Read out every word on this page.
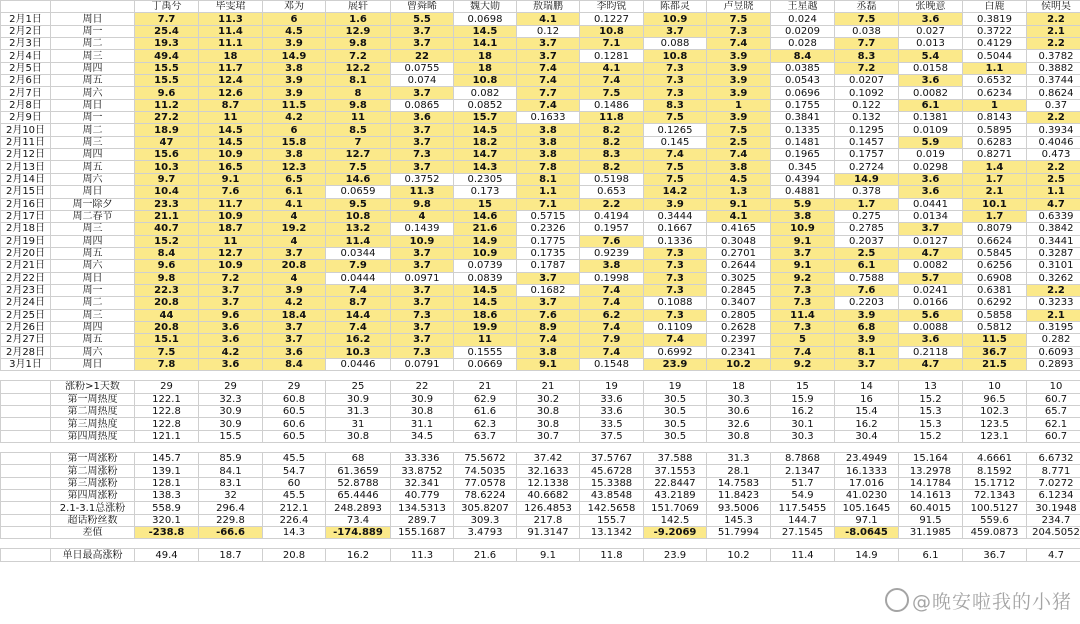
		丁禹兮	毕雯珺	邓为	展轩	曾舜晞	魏大勋	敖瑞鹏	李昀锐	陈都灵	卢昱晓	王星越	丞磊	张晚意	白鹿	侯明昊
2月1日	周日	7.7	11.3	6	1.6	5.5	0.0698	4.1	0.1227	10.9	7.5	0.024	7.5	3.6	0.3819	2.2
2月2日	周一	25.4	11.4	4.5	12.9	3.7	14.5	0.12	10.8	3.7	7.3	0.0209	0.038	0.027	0.3722	2.1
2月3日	周二	19.3	11.1	3.9	9.8	3.7	14.1	3.7	7.1	0.088	7.4	0.028	7.7	0.013	0.4129	2.2
2月4日	周三	49.4	18	14.9	7.2	22	18	3.7	0.1281	10.8	3.9	8.4	8.3	5.4	0.5044	0.3782
2月5日	周四	15.5	11.7	3.8	12.2	0.0755	18	7.4	4.1	7.3	3.9	0.0385	7.2	0.0158	1.1	0.3882
2月6日	周五	15.5	12.4	3.9	8.1	0.074	10.8	7.4	7.4	7.3	3.9	0.0543	0.0207	3.6	0.6532	0.3744
2月7日	周六	9.6	12.6	3.9	8	3.7	0.082	7.7	7.5	7.3	3.9	0.0696	0.1092	0.0082	0.6234	0.8624
2月8日	周日	11.2	8.7	11.5	9.8	0.0865	0.0852	7.4	0.1486	8.3	1	0.1755	0.122	6.1	1	0.37
2月9日	周一	27.2	11	4.2	11	3.6	15.7	0.1633	11.8	7.5	3.9	0.3841	0.132	0.1381	0.8143	2.2
2月10日	周二	18.9	14.5	6	8.5	3.7	14.5	3.8	8.2	0.1265	7.5	0.1335	0.1295	0.0109	0.5895	0.3934
2月11日	周三	47	14.5	15.8	7	3.7	18.2	3.8	8.2	0.145	2.5	0.1481	0.1457	5.9	0.6283	0.4046
2月12日	周四	15.6	10.9	3.8	12.7	7.3	14.7	3.8	8.3	7.4	7.4	0.1965	0.1757	0.019	0.8271	0.473
2月13日	周五	10.3	16.5	12.3	7.5	3.7	14.3	7.8	8.2	7.5	3.8	0.345	0.2724	0.0298	1.4	2.2
2月14日	周六	9.7	9.1	6.5	14.6	0.3752	0.2305	8.1	0.5198	7.5	4.5	0.4394	14.9	3.6	1.7	2.5
2月15日	周日	10.4	7.6	6.1	0.0659	11.3	0.173	1.1	0.653	14.2	1.3	0.4881	0.378	3.6	2.1	1.1
2月16日	周一除夕	23.3	11.7	4.1	9.5	9.8	15	7.1	2.2	3.9	9.1	5.9	1.7	0.0441	10.1	4.7
2月17日	周二春节	21.1	10.9	4	10.8	4	14.6	0.5715	0.4194	0.3444	4.1	3.8	0.275	0.0134	1.7	0.6339
2月18日	周三	40.7	18.7	19.2	13.2	0.1439	21.6	0.2326	0.1957	0.1667	0.4165	10.9	0.2785	3.7	0.8079	0.3842
2月19日	周四	15.2	11	4	11.4	10.9	14.9	0.1775	7.6	0.1336	0.3048	9.1	0.2037	0.0127	0.6624	0.3441
2月20日	周五	8.4	12.7	3.7	0.0344	3.7	10.9	0.1735	0.9239	7.3	0.2701	3.7	2.5	4.7	0.5845	0.3287
2月21日	周六	9.6	10.9	20.8	7.9	3.7	0.0739	0.1787	3.8	7.3	0.2644	9.1	6.1	0.0082	0.6256	0.3101
2月22日	周日	9.8	7.2	4	0.0444	0.0971	0.0839	3.7	0.1998	7.3	0.3025	9.2	0.7588	5.7	0.6908	0.3262
2月23日	周一	22.3	3.7	3.9	7.4	3.7	14.5	0.1682	7.4	7.3	0.2845	7.3	7.6	0.0241	0.6381	2.2
2月24日	周二	20.8	3.7	4.2	8.7	3.7	14.5	3.7	7.4	0.1088	0.3407	7.3	0.2203	0.0166	0.6292	0.3233
2月25日	周三	44	9.6	18.4	14.4	7.3	18.6	7.6	6.2	7.3	0.2805	11.4	3.9	5.6	0.5858	2.1
2月26日	周四	20.8	3.6	3.7	7.4	3.7	19.9	8.9	7.4	0.1109	0.2628	7.3	6.8	0.0088	0.5812	0.3195
2月27日	周五	15.1	3.6	3.7	16.2	3.7	11	7.4	7.9	7.4	0.2397	5	3.9	3.6	11.5	0.282
2月28日	周六	7.5	4.2	3.6	10.3	7.3	0.1555	3.8	7.4	0.6992	0.2341	7.4	8.1	0.2118	36.7	0.6093
3月1日	周日	7.8	3.6	8.4	0.0446	0.0791	0.0669	9.1	0.1548	23.9	10.2	9.2	3.7	4.7	21.5	0.2893

	涨粉>1天数	29	29	29	25	22	21	21	19	19	18	15	14	13	10	10
	第一周热度	122.1	32.3	60.8	30.9	30.9	62.9	30.2	33.6	30.5	30.3	15.9	16	15.2	96.5	60.7
	第二周热度	122.8	30.9	60.5	31.3	30.8	61.6	30.8	33.6	30.5	30.6	16.2	15.4	15.3	102.3	65.7
	第三周热度	122.8	30.9	60.6	31	31.1	62.3	30.8	33.5	30.5	32.6	30.1	16.2	15.3	123.5	62.1
	第四周热度	121.1	15.5	60.5	30.8	34.5	63.7	30.7	37.5	30.5	30.8	30.3	30.4	15.2	123.1	60.7

	第一周涨粉	145.7	85.9	45.5	68	33.336	75.5672	37.42	37.5767	37.588	31.3	8.7868	23.4949	15.164	4.6661	6.6732
	第二周涨粉	139.1	84.1	54.7	61.3659	33.8752	74.5035	32.1633	45.6728	37.1553	28.1	2.1347	16.1333	13.2978	8.1592	8.771
	第三周涨粉	128.1	83.1	60	52.8788	32.341	77.0578	12.1338	15.3388	22.8447	14.7583	51.7	17.016	14.1784	15.1712	7.0272
	第四周涨粉	138.3	32	45.5	65.4446	40.779	78.6224	40.6682	43.8548	43.2189	11.8423	54.9	41.0230	14.1613	72.1343	6.1234
	2.1-3.1总涨粉	558.9	296.4	212.1	248.2893	134.5313	305.8207	126.4853	142.5658	151.7069	93.5006	117.5455	105.1645	60.4015	100.5127	30.1948
	超话粉丝数	320.1	229.8	226.4	73.4	289.7	309.3	217.8	155.7	142.5	145.3	144.7	97.1	91.5	559.6	234.7
	差值	-238.8	-66.6	14.3	-174.889	155.1687	3.4793	91.3147	13.1342	-9.2069	51.7994	27.1545	-8.0645	31.1985	459.0873	204.5052

	单日最高涨粉	49.4	18.7	20.8	16.2	11.3	21.6	9.1	11.8	23.9	10.2	11.4	14.9	6.1	36.7	4.7
@晚安啦我的小猪
